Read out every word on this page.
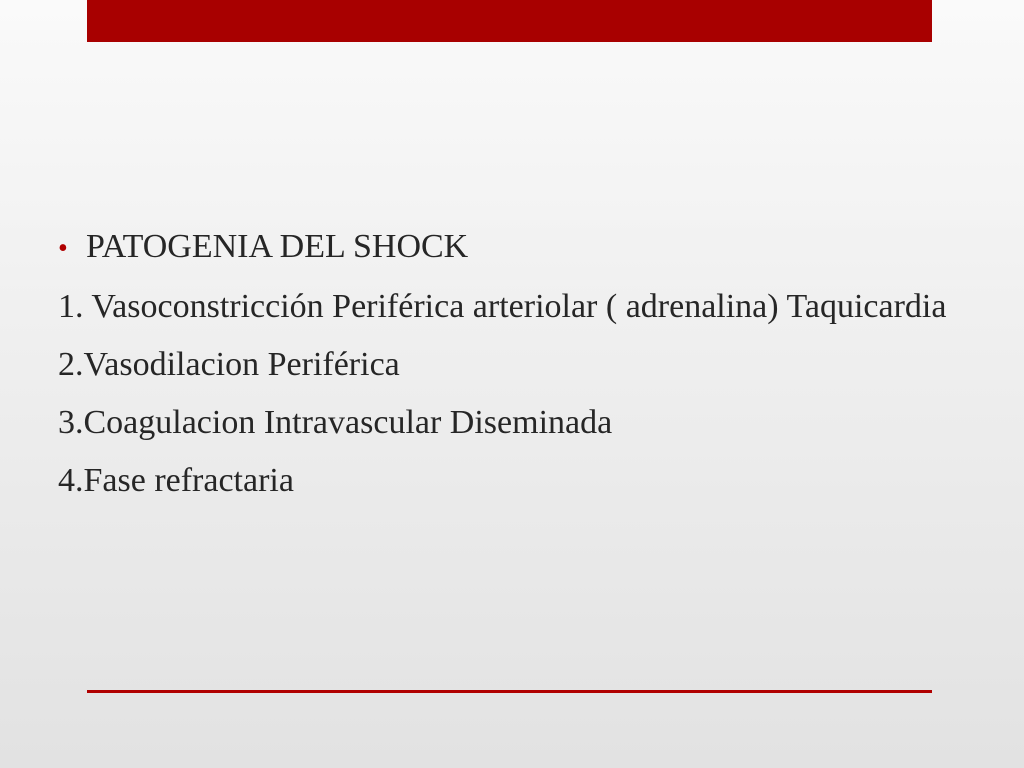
• PATOGENIA DEL SHOCK
1. Vasoconstricción Periférica arteriolar ( adrenalina) Taquicardia
2.Vasodilacion Periférica
3.Coagulacion Intravascular Diseminada
4.Fase refractaria
